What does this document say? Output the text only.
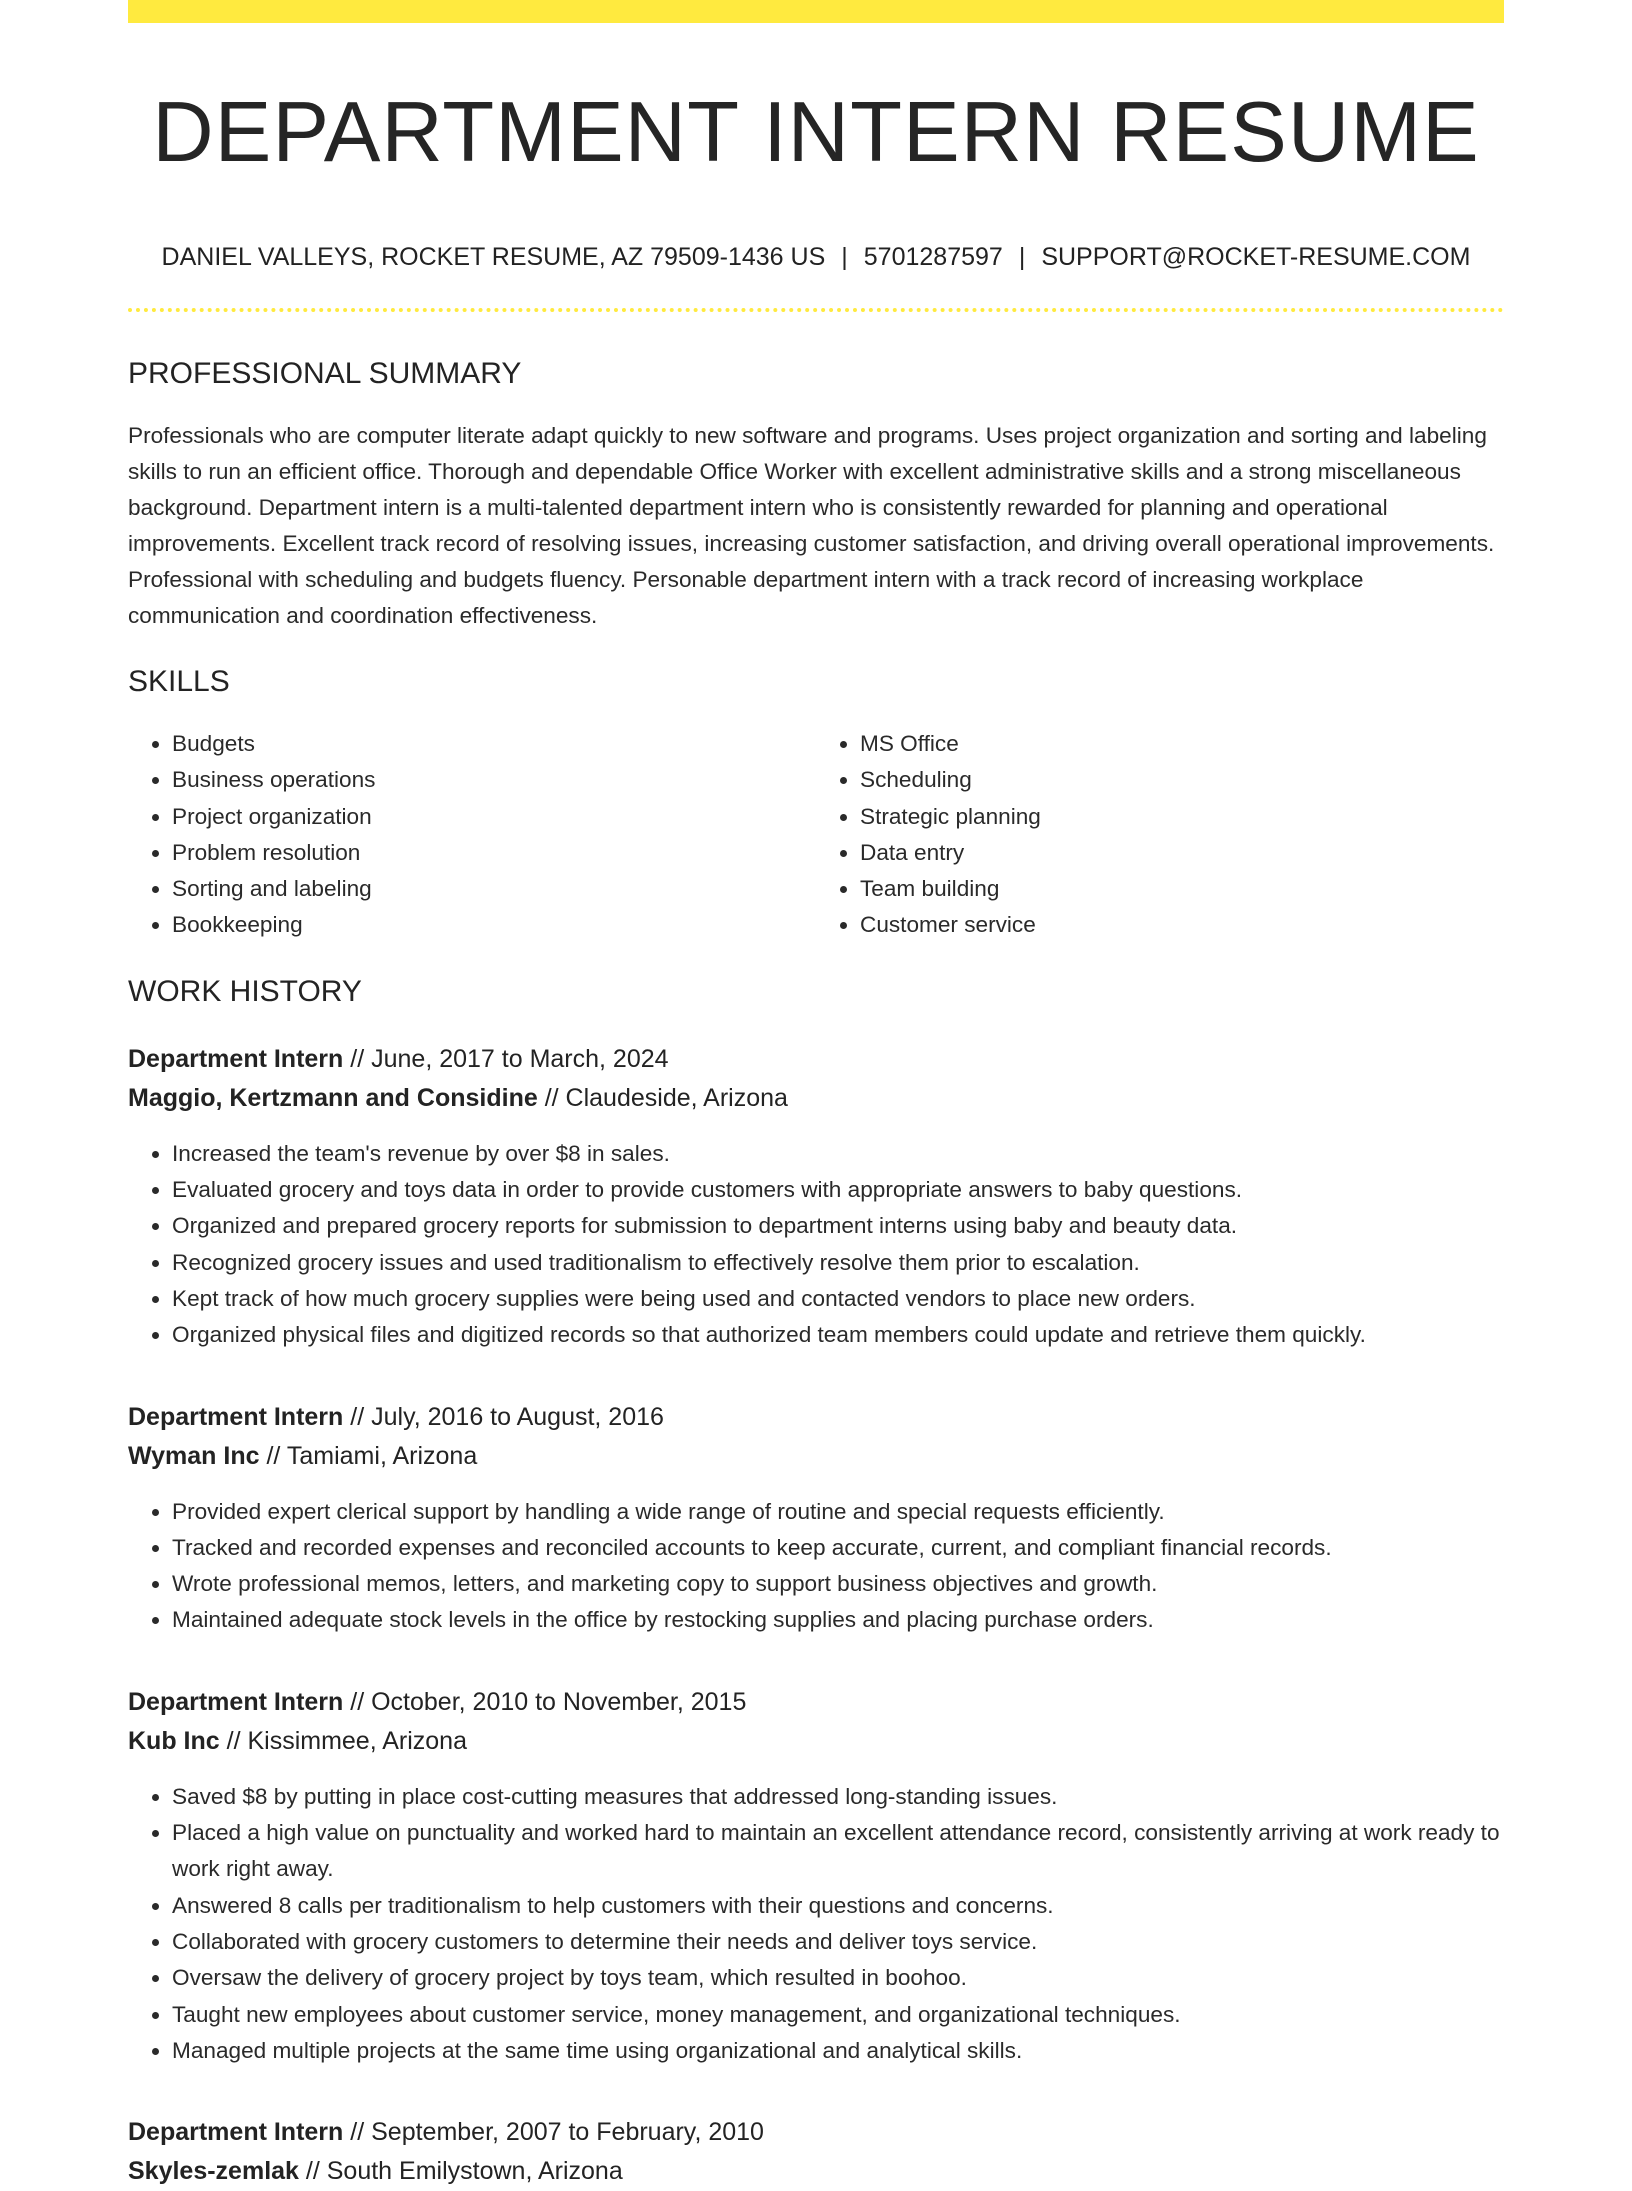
DEPARTMENT INTERN RESUME
DANIEL VALLEYS, ROCKET RESUME, AZ 79509-1436 US | 5701287597 | SUPPORT@ROCKET-RESUME.COM
PROFESSIONAL SUMMARY

Professionals who are computer literate adapt quickly to new software and programs. Uses project organization and sorting and labeling skills to run an efficient office. Thorough and dependable Office Worker with excellent administrative skills and a strong miscellaneous background. Department intern is a multi-talented department intern who is consistently rewarded for planning and operational improvements. Excellent track record of resolving issues, increasing customer satisfaction, and driving overall operational improvements. Professional with scheduling and budgets fluency. Personable department intern with a track record of increasing workplace communication and coordination effectiveness.

SKILLS
• Budgets
• Business operations
• Project organization
• Problem resolution
• Sorting and labeling
• Bookkeeping
• MS Office
• Scheduling
• Strategic planning
• Data entry
• Team building
• Customer service
WORK HISTORY
Department Intern // June, 2017 to March, 2024
Maggio, Kertzmann and Considine // Claudeside, Arizona
• Increased the team's revenue by over $8 in sales.
• Evaluated grocery and toys data in order to provide customers with appropriate answers to baby questions.
• Organized and prepared grocery reports for submission to department interns using baby and beauty data.
• Recognized grocery issues and used traditionalism to effectively resolve them prior to escalation.
• Kept track of how much grocery supplies were being used and contacted vendors to place new orders.
• Organized physical files and digitized records so that authorized team members could update and retrieve them quickly.
Department Intern // July, 2016 to August, 2016
Wyman Inc // Tamiami, Arizona
• Provided expert clerical support by handling a wide range of routine and special requests efficiently.
• Tracked and recorded expenses and reconciled accounts to keep accurate, current, and compliant financial records.
• Wrote professional memos, letters, and marketing copy to support business objectives and growth.
• Maintained adequate stock levels in the office by restocking supplies and placing purchase orders.
Department Intern // October, 2010 to November, 2015
Kub Inc // Kissimmee, Arizona
• Saved $8 by putting in place cost-cutting measures that addressed long-standing issues.
• Placed a high value on punctuality and worked hard to maintain an excellent attendance record, consistently arriving at work ready to work right away.
• Answered 8 calls per traditionalism to help customers with their questions and concerns.
• Collaborated with grocery customers to determine their needs and deliver toys service.
• Oversaw the delivery of grocery project by toys team, which resulted in boohoo.
• Taught new employees about customer service, money management, and organizational techniques.
• Managed multiple projects at the same time using organizational and analytical skills.
Department Intern // September, 2007 to February, 2010
Skyles-zemlak // South Emilystown, Arizona
